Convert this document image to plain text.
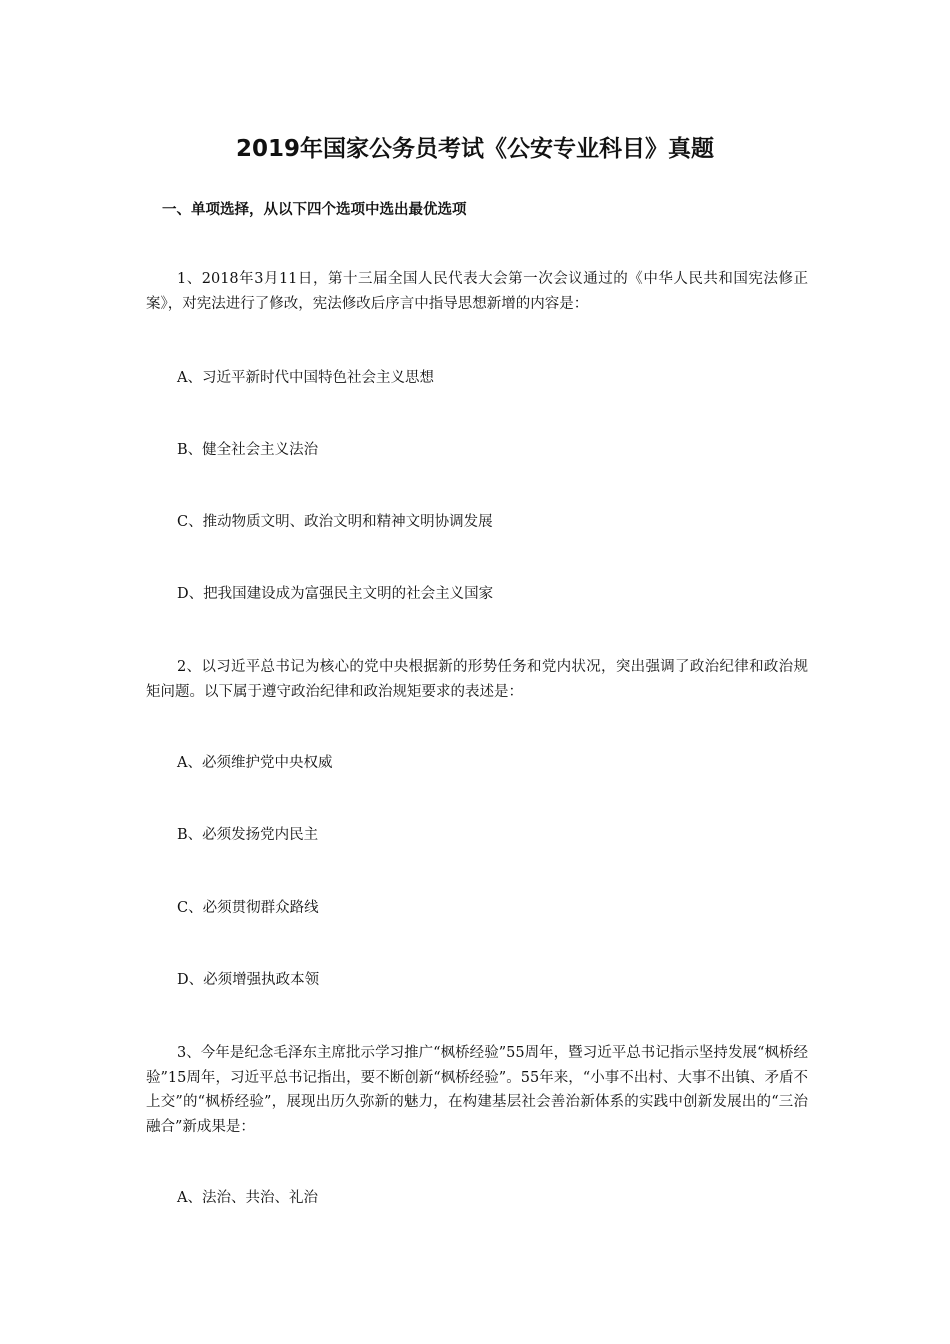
2019年国家公务员考试《公安专业科目》真题
一、单项选择，从以下四个选项中选出最优选项
1、2018年3月11日，第十三届全国人民代表大会第一次会议通过的《中华人民共和国宪法修正案》，对宪法进行了修改，宪法修改后序言中指导思想新增的内容是：
A、习近平新时代中国特色社会主义思想
B、健全社会主义法治
C、推动物质文明、政治文明和精神文明协调发展
D、把我国建设成为富强民主文明的社会主义国家
2、以习近平总书记为核心的党中央根据新的形势任务和党内状况，突出强调了政治纪律和政治规矩问题。以下属于遵守政治纪律和政治规矩要求的表述是：
A、必须维护党中央权威
B、必须发扬党内民主
C、必须贯彻群众路线
D、必须增强执政本领
3、今年是纪念毛泽东主席批示学习推广“枫桥经验”55周年，暨习近平总书记指示坚持发展“枫桥经验”15周年，习近平总书记指出，要不断创新“枫桥经验”。55年来，“小事不出村、大事不出镇、矛盾不上交”的“枫桥经验”，展现出历久弥新的魅力，在构建基层社会善治新体系的实践中创新发展出的“三治融合”新成果是：
A、法治、共治、礼治
